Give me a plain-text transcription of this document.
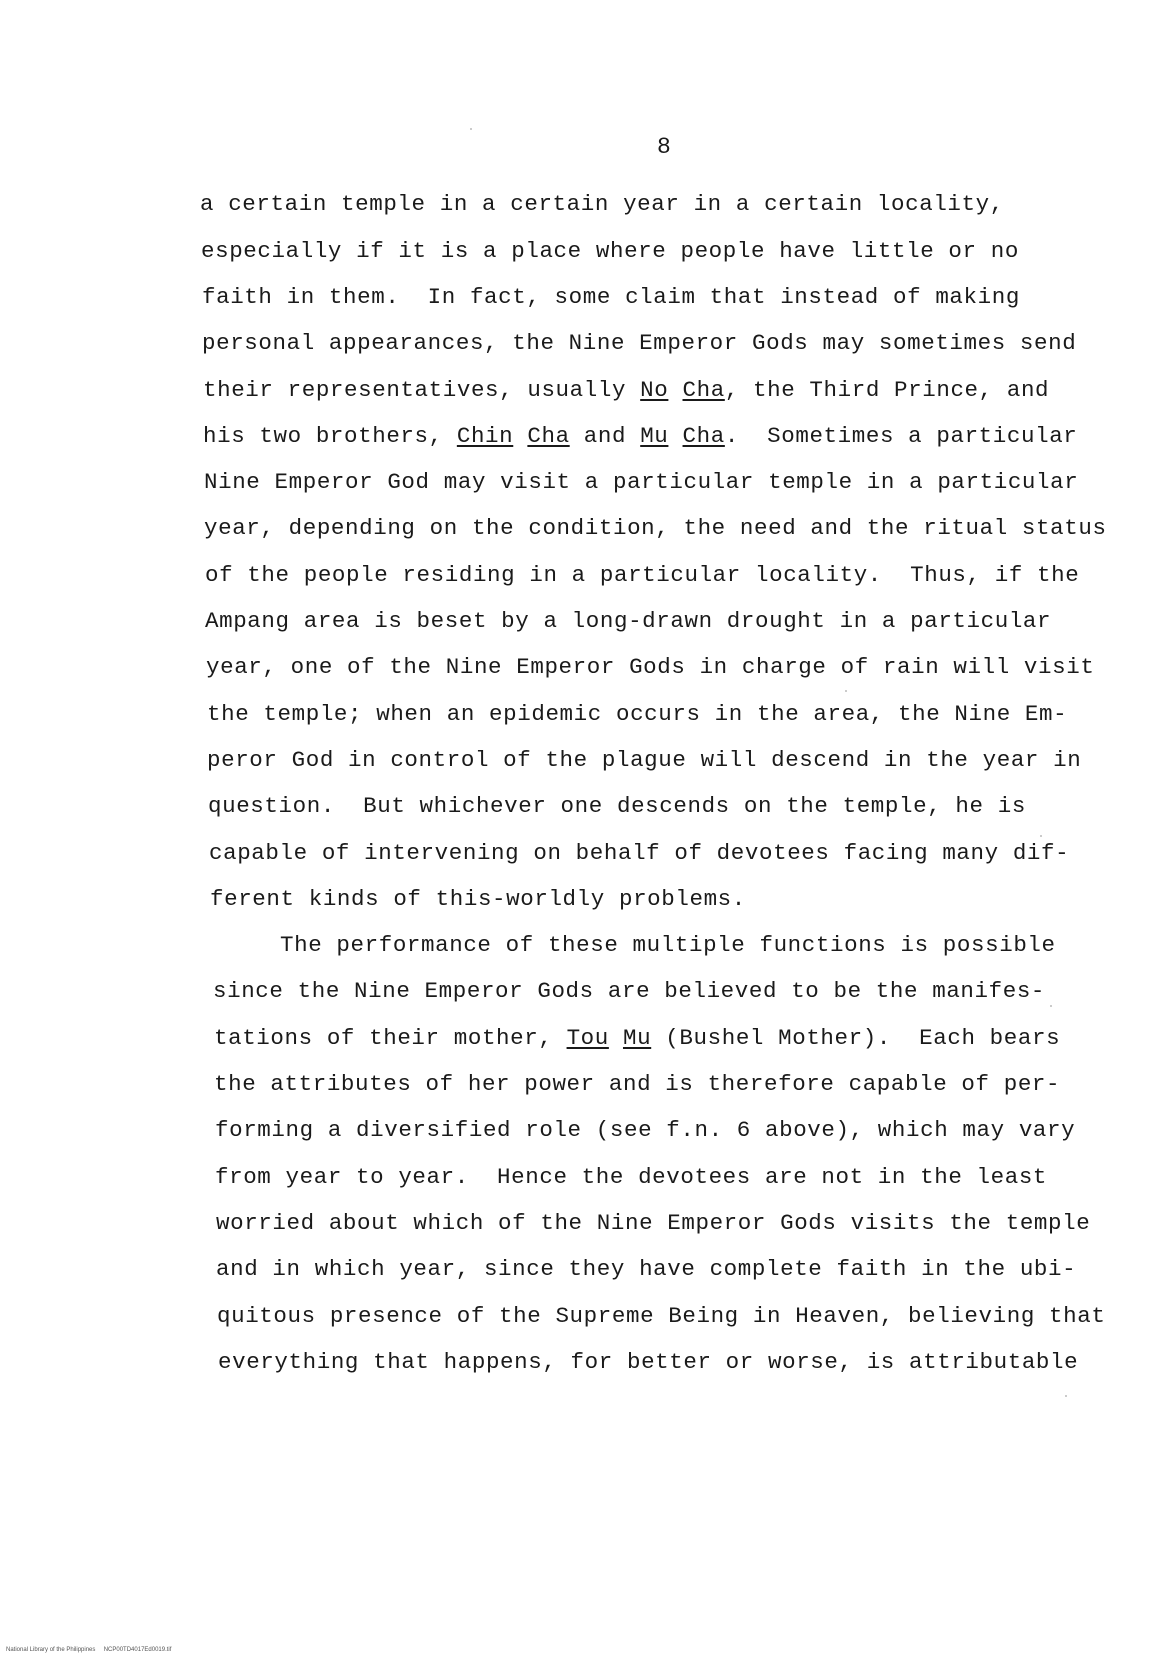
8
a certain temple in a certain year in a certain locality,
especially if it is a place where people have little or no
faith in them.  In fact, some claim that instead of making
personal appearances, the Nine Emperor Gods may sometimes send
their representatives, usually No Cha, the Third Prince, and
his two brothers, Chin Cha and Mu Cha.  Sometimes a particular
Nine Emperor God may visit a particular temple in a particular
year, depending on the condition, the need and the ritual status
of the people residing in a particular locality.  Thus, if the
Ampang area is beset by a long-drawn drought in a particular
year, one of the Nine Emperor Gods in charge of rain will visit
the temple; when an epidemic occurs in the area, the Nine Em-
peror God in control of the plague will descend in the year in
question.  But whichever one descends on the temple, he is
capable of intervening on behalf of devotees facing many dif-
ferent kinds of this-worldly problems.
The performance of these multiple functions is possible
since the Nine Emperor Gods are believed to be the manifes-
tations of their mother, Tou Mu (Bushel Mother).  Each bears
the attributes of her power and is therefore capable of per-
forming a diversified role (see f.n. 6 above), which may vary
from year to year.  Hence the devotees are not in the least
worried about which of the Nine Emperor Gods visits the temple
and in which year, since they have complete faith in the ubi-
quitous presence of the Supreme Being in Heaven, believing that
everything that happens, for better or worse, is attributable
National Library of the Philippines     NCP00TD4017Ed0019.tif
